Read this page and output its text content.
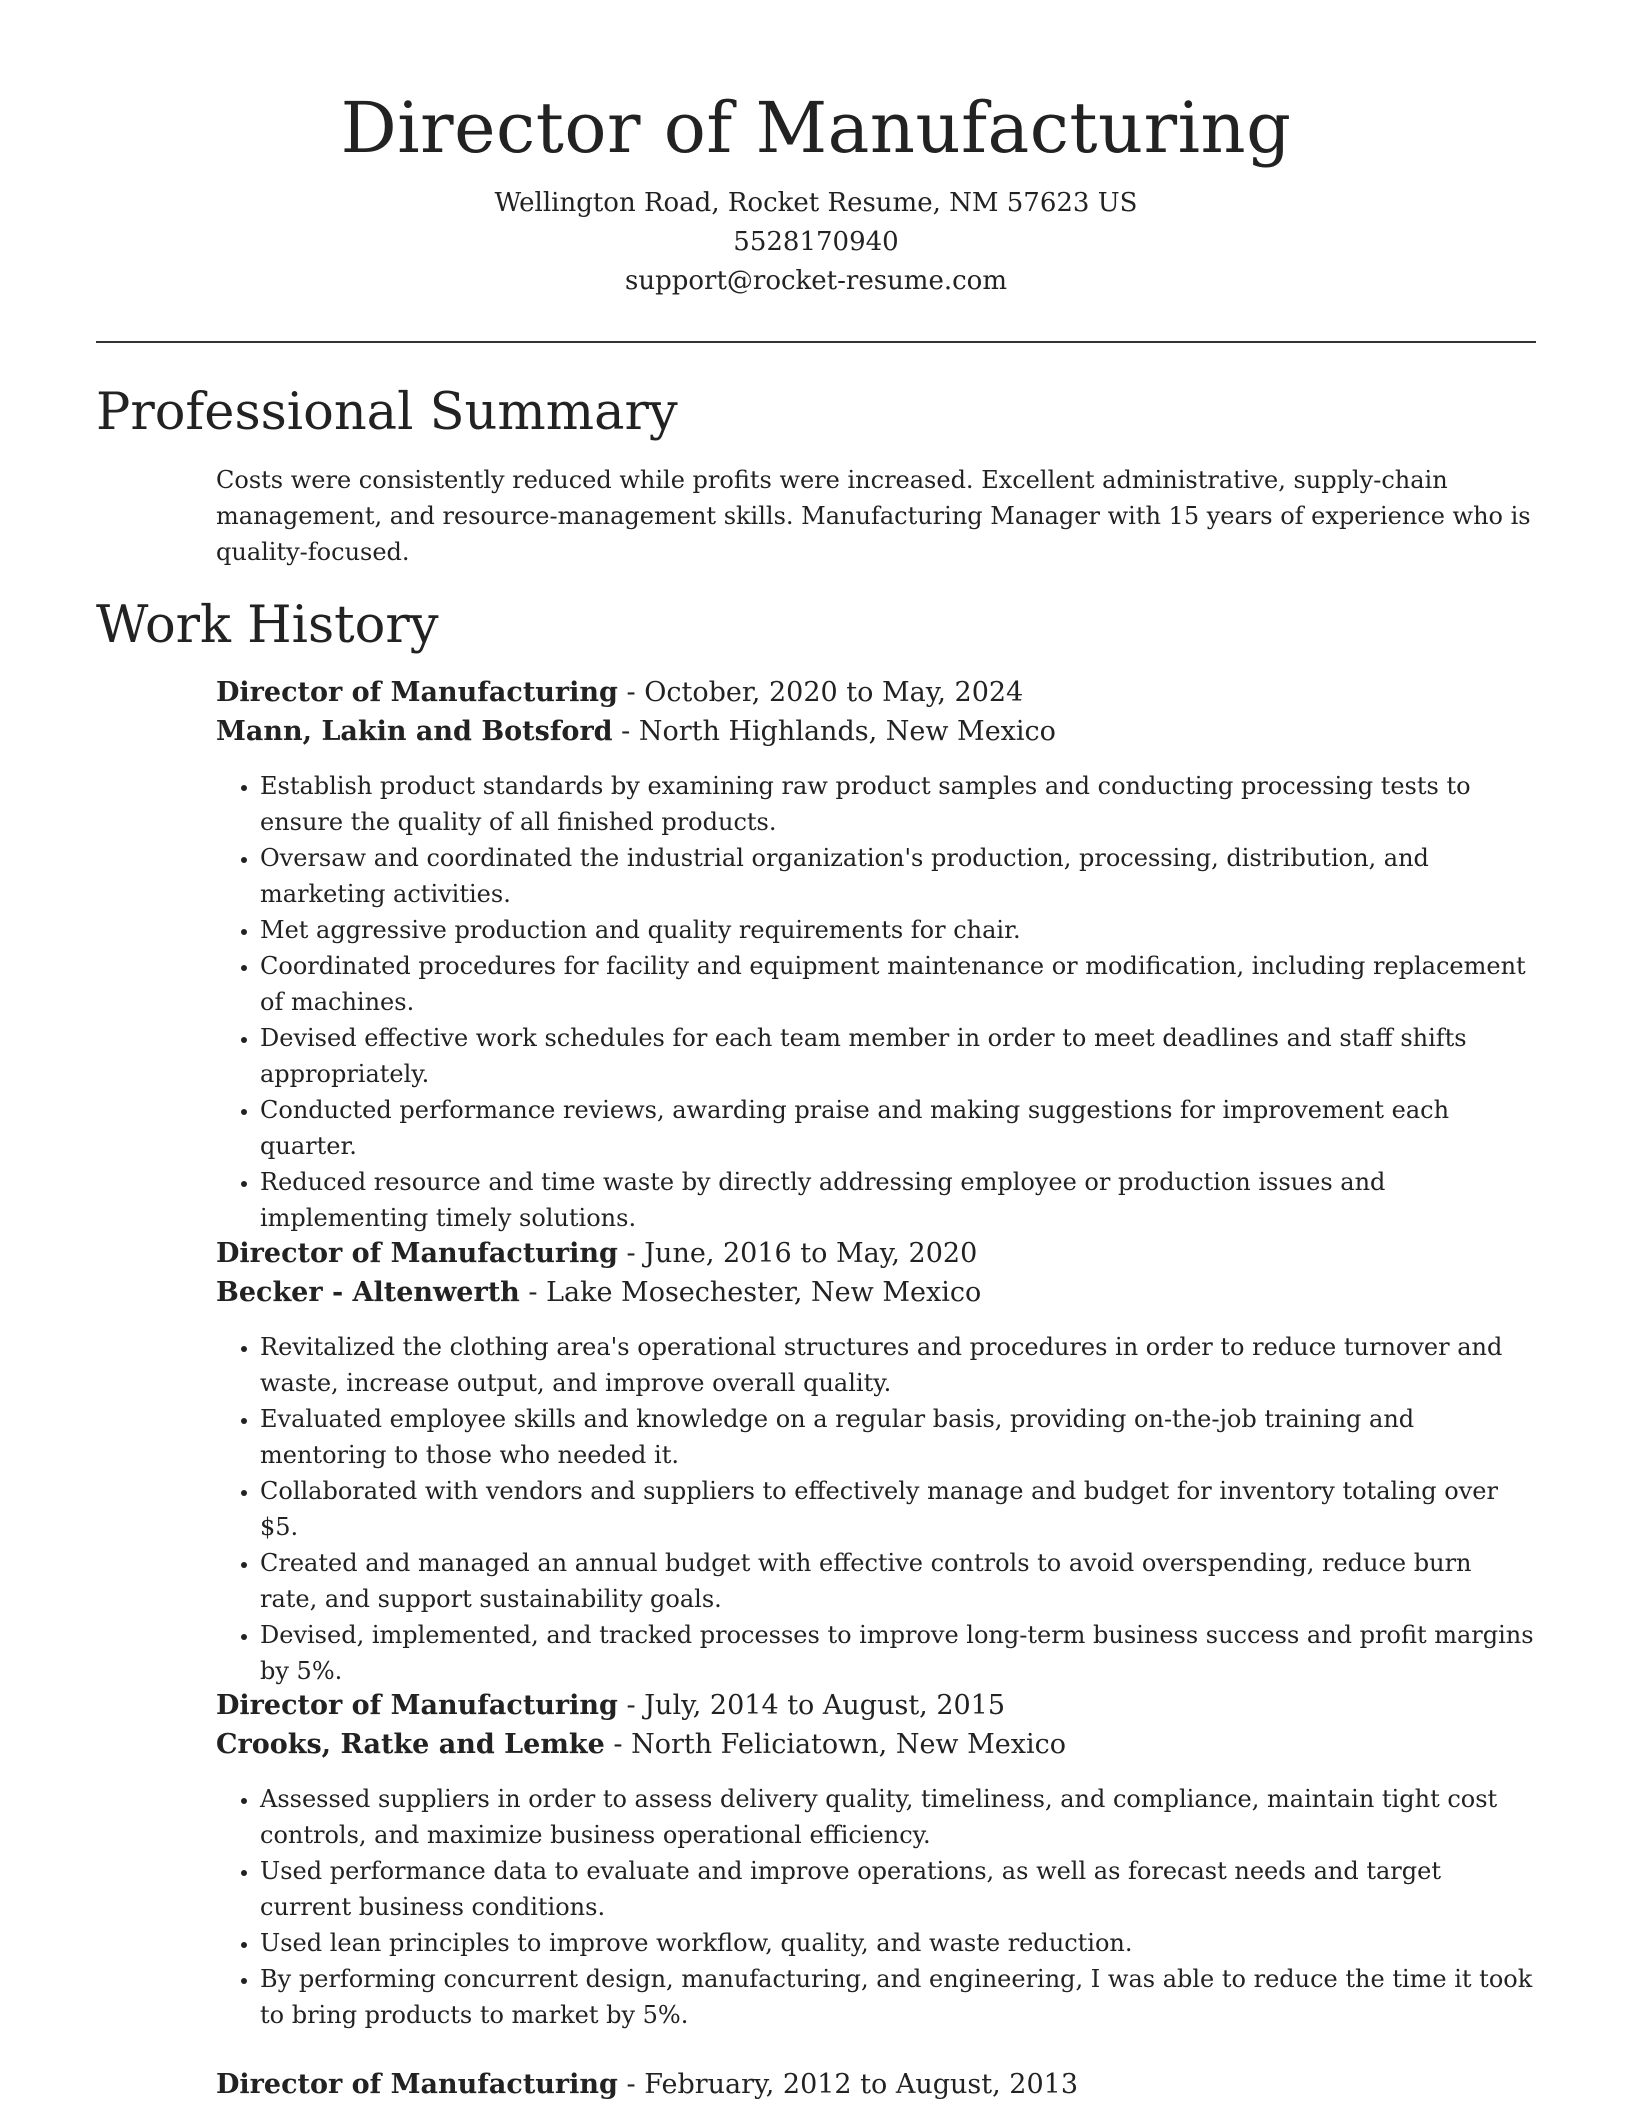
Director of Manufacturing
Wellington Road, Rocket Resume, NM 57623 US
5528170940
support@rocket-resume.com
Professional Summary

Costs were consistently reduced while profits were increased. Excellent administrative, supply-chain management, and resource-management skills. Manufacturing Manager with 15 years of experience who is quality-focused.

Work History
Director of Manufacturing - October, 2020 to May, 2024
Mann, Lakin and Botsford - North Highlands, New Mexico
• Establish product standards by examining raw product samples and conducting processing tests to ensure the quality of all finished products.
• Oversaw and coordinated the industrial organization's production, processing, distribution, and marketing activities.
• Met aggressive production and quality requirements for chair.
• Coordinated procedures for facility and equipment maintenance or modification, including replacement of machines.
• Devised effective work schedules for each team member in order to meet deadlines and staff shifts appropriately.
• Conducted performance reviews, awarding praise and making suggestions for improvement each quarter.
• Reduced resource and time waste by directly addressing employee or production issues and implementing timely solutions.
Director of Manufacturing - June, 2016 to May, 2020
Becker - Altenwerth - Lake Mosechester, New Mexico
• Revitalized the clothing area's operational structures and procedures in order to reduce turnover and waste, increase output, and improve overall quality.
• Evaluated employee skills and knowledge on a regular basis, providing on-the-job training and mentoring to those who needed it.
• Collaborated with vendors and suppliers to effectively manage and budget for inventory totaling over $5.
• Created and managed an annual budget with effective controls to avoid overspending, reduce burn rate, and support sustainability goals.
• Devised, implemented, and tracked processes to improve long-term business success and profit margins by 5%.
Director of Manufacturing - July, 2014 to August, 2015
Crooks, Ratke and Lemke - North Feliciatown, New Mexico
• Assessed suppliers in order to assess delivery quality, timeliness, and compliance, maintain tight cost controls, and maximize business operational efficiency.
• Used performance data to evaluate and improve operations, as well as forecast needs and target current business conditions.
• Used lean principles to improve workflow, quality, and waste reduction.
• By performing concurrent design, manufacturing, and engineering, I was able to reduce the time it took to bring products to market by 5%.
Director of Manufacturing - February, 2012 to August, 2013
